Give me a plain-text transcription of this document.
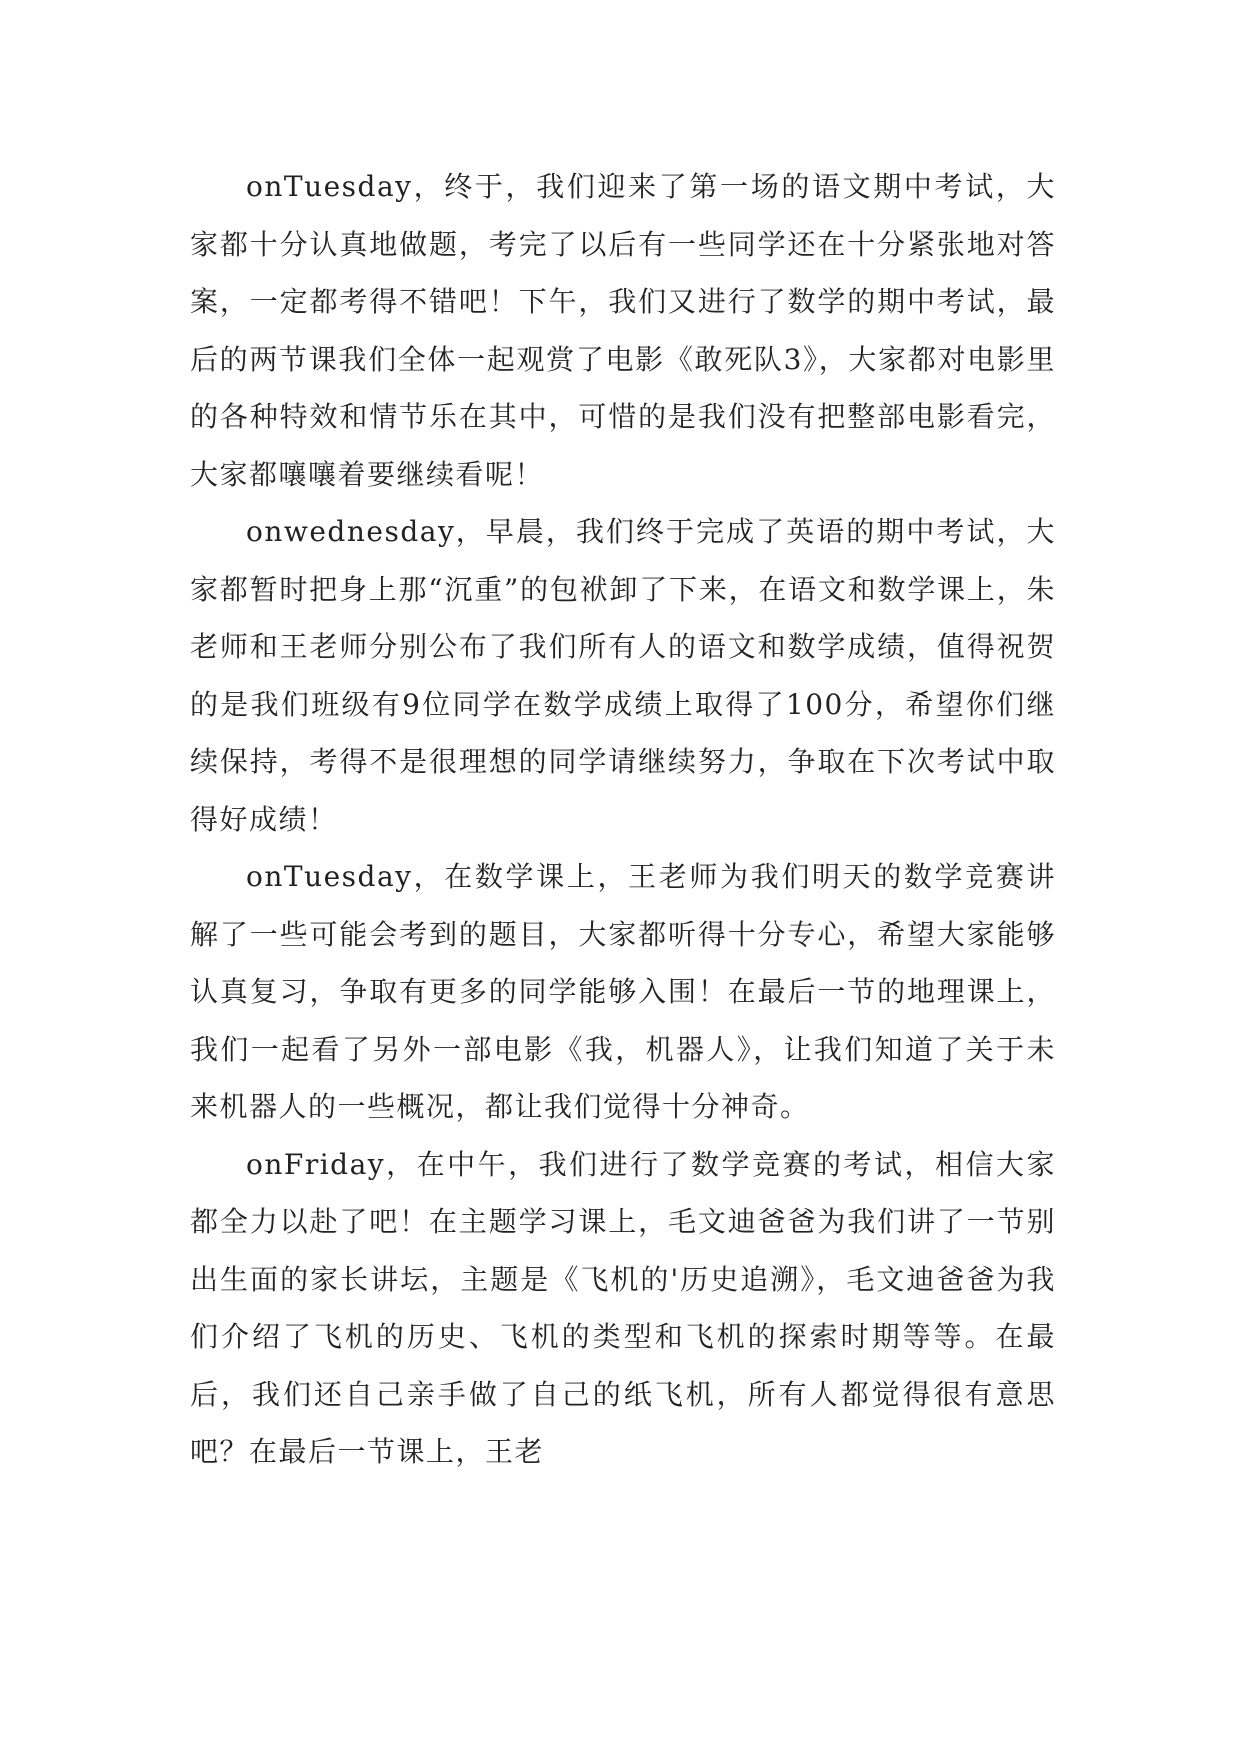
onTuesday，终于，我们迎来了第一场的语文期中考试，大家都十分认真地做题，考完了以后有一些同学还在十分紧张地对答案，一定都考得不错吧！下午，我们又进行了数学的期中考试，最后的两节课我们全体一起观赏了电影《敢死队3》，大家都对电影里的各种特效和情节乐在其中，可惜的是我们没有把整部电影看完，大家都嚷嚷着要继续看呢！

onwednesday，早晨，我们终于完成了英语的期中考试，大家都暂时把身上那“沉重”的包袱卸了下来，在语文和数学课上，朱老师和王老师分别公布了我们所有人的语文和数学成绩，值得祝贺的是我们班级有9位同学在数学成绩上取得了100分，希望你们继续保持，考得不是很理想的同学请继续努力，争取在下次考试中取得好成绩！

onTuesday，在数学课上，王老师为我们明天的数学竞赛讲解了一些可能会考到的题目，大家都听得十分专心，希望大家能够认真复习，争取有更多的同学能够入围！在最后一节的地理课上，我们一起看了另外一部电影《我，机器人》，让我们知道了关于未来机器人的一些概况，都让我们觉得十分神奇。

onFriday，在中午，我们进行了数学竞赛的考试，相信大家都全力以赴了吧！在主题学习课上，毛文迪爸爸为我们讲了一节别出生面的家长讲坛，主题是《飞机的'历史追溯》，毛文迪爸爸为我们介绍了飞机的历史、飞机的类型和飞机的探索时期等等。在最后，我们还自己亲手做了自己的纸飞机，所有人都觉得很有意思吧？在最后一节课上，王老
